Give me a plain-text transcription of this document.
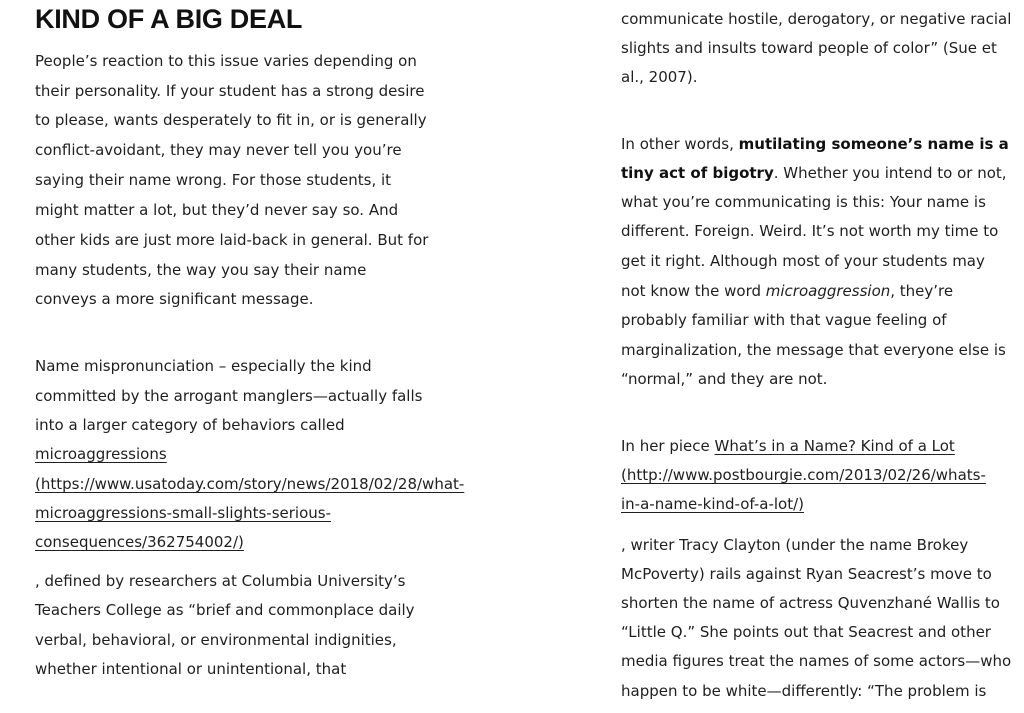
KIND OF A BIG DEAL
People’s reaction to this issue varies depending on
their personality. If your student has a strong desire
to please, wants desperately to fit in, or is generally
conflict-avoidant, they may never tell you you’re
saying their name wrong. For those students, it
might matter a lot, but they’d never say so. And
other kids are just more laid-back in general. But for
many students, the way you say their name
conveys a more significant message.
Name mispronunciation – especially the kind
committed by the arrogant manglers—actually falls
into a larger category of behaviors called
microaggressions
(https://www.usatoday.com/story/news/2018/02/28/what-
microaggressions-small-slights-serious-
consequences/362754002/)
, defined by researchers at Columbia University’s
Teachers College as “brief and commonplace daily
verbal, behavioral, or environmental indignities,
whether intentional or unintentional, that
communicate hostile, derogatory, or negative racial
slights and insults toward people of color” (Sue et
al., 2007).
In other words, mutilating someone’s name is a
tiny act of bigotry. Whether you intend to or not,
what you’re communicating is this: Your name is
different. Foreign. Weird. It’s not worth my time to
get it right. Although most of your students may
not know the word microaggression, they’re
probably familiar with that vague feeling of
marginalization, the message that everyone else is
“normal,” and they are not.
In her piece What’s in a Name? Kind of a Lot
(http://www.postbourgie.com/2013/02/26/whats-
in-a-name-kind-of-a-lot/)
, writer Tracy Clayton (under the name Brokey
McPoverty) rails against Ryan Seacrest’s move to
shorten the name of actress Quvenzhané Wallis to
“Little Q.” She points out that Seacrest and other
media figures treat the names of some actors—who
happen to be white—differently: “The problem is
